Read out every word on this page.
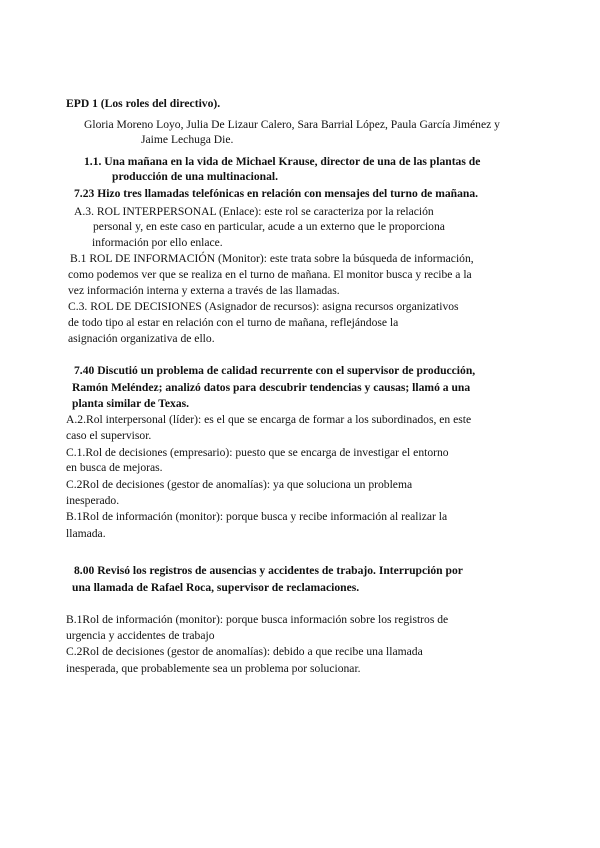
EPD 1 (Los roles del directivo).
Gloria Moreno Loyo, Julia De Lizaur Calero, Sara Barrial López, Paula García Jiménez y
Jaime Lechuga Die.
1.1. Una mañana en la vida de Michael Krause, director de una de las plantas de
producción de una multinacional.
7.23 Hizo tres llamadas telefónicas en relación con mensajes del turno de mañana.
A.3. ROL INTERPERSONAL (Enlace): este rol se caracteriza por la relación
personal y, en este caso en particular, acude a un externo que le proporciona
información por ello enlace.
B.1 ROL DE INFORMACIÓN (Monitor): este trata sobre la búsqueda de información,
como podemos ver que se realiza en el turno de mañana. El monitor busca y recibe a la
vez información interna y externa a través de las llamadas.
C.3. ROL DE DECISIONES (Asignador de recursos): asigna recursos organizativos
de todo tipo al estar en relación con el turno de mañana, reflejándose la
asignación organizativa de ello.
7.40 Discutió un problema de calidad recurrente con el supervisor de producción,
Ramón Meléndez; analizó datos para descubrir tendencias y causas; llamó a una
planta similar de Texas.
A.2.Rol interpersonal (líder): es el que se encarga de formar a los subordinados, en este
caso el supervisor.
C.1.Rol de decisiones (empresario): puesto que se encarga de investigar el entorno
en busca de mejoras.
C.2Rol de decisiones (gestor de anomalías): ya que soluciona un problema
inesperado.
B.1Rol de información (monitor): porque busca y recibe información al realizar la
llamada.
8.00 Revisó los registros de ausencias y accidentes de trabajo. Interrupción por
una llamada de Rafael Roca, supervisor de reclamaciones.
B.1Rol de información (monitor): porque busca información sobre los registros de
urgencia y accidentes de trabajo
C.2Rol de decisiones (gestor de anomalías): debido a que recibe una llamada
inesperada, que probablemente sea un problema por solucionar.
